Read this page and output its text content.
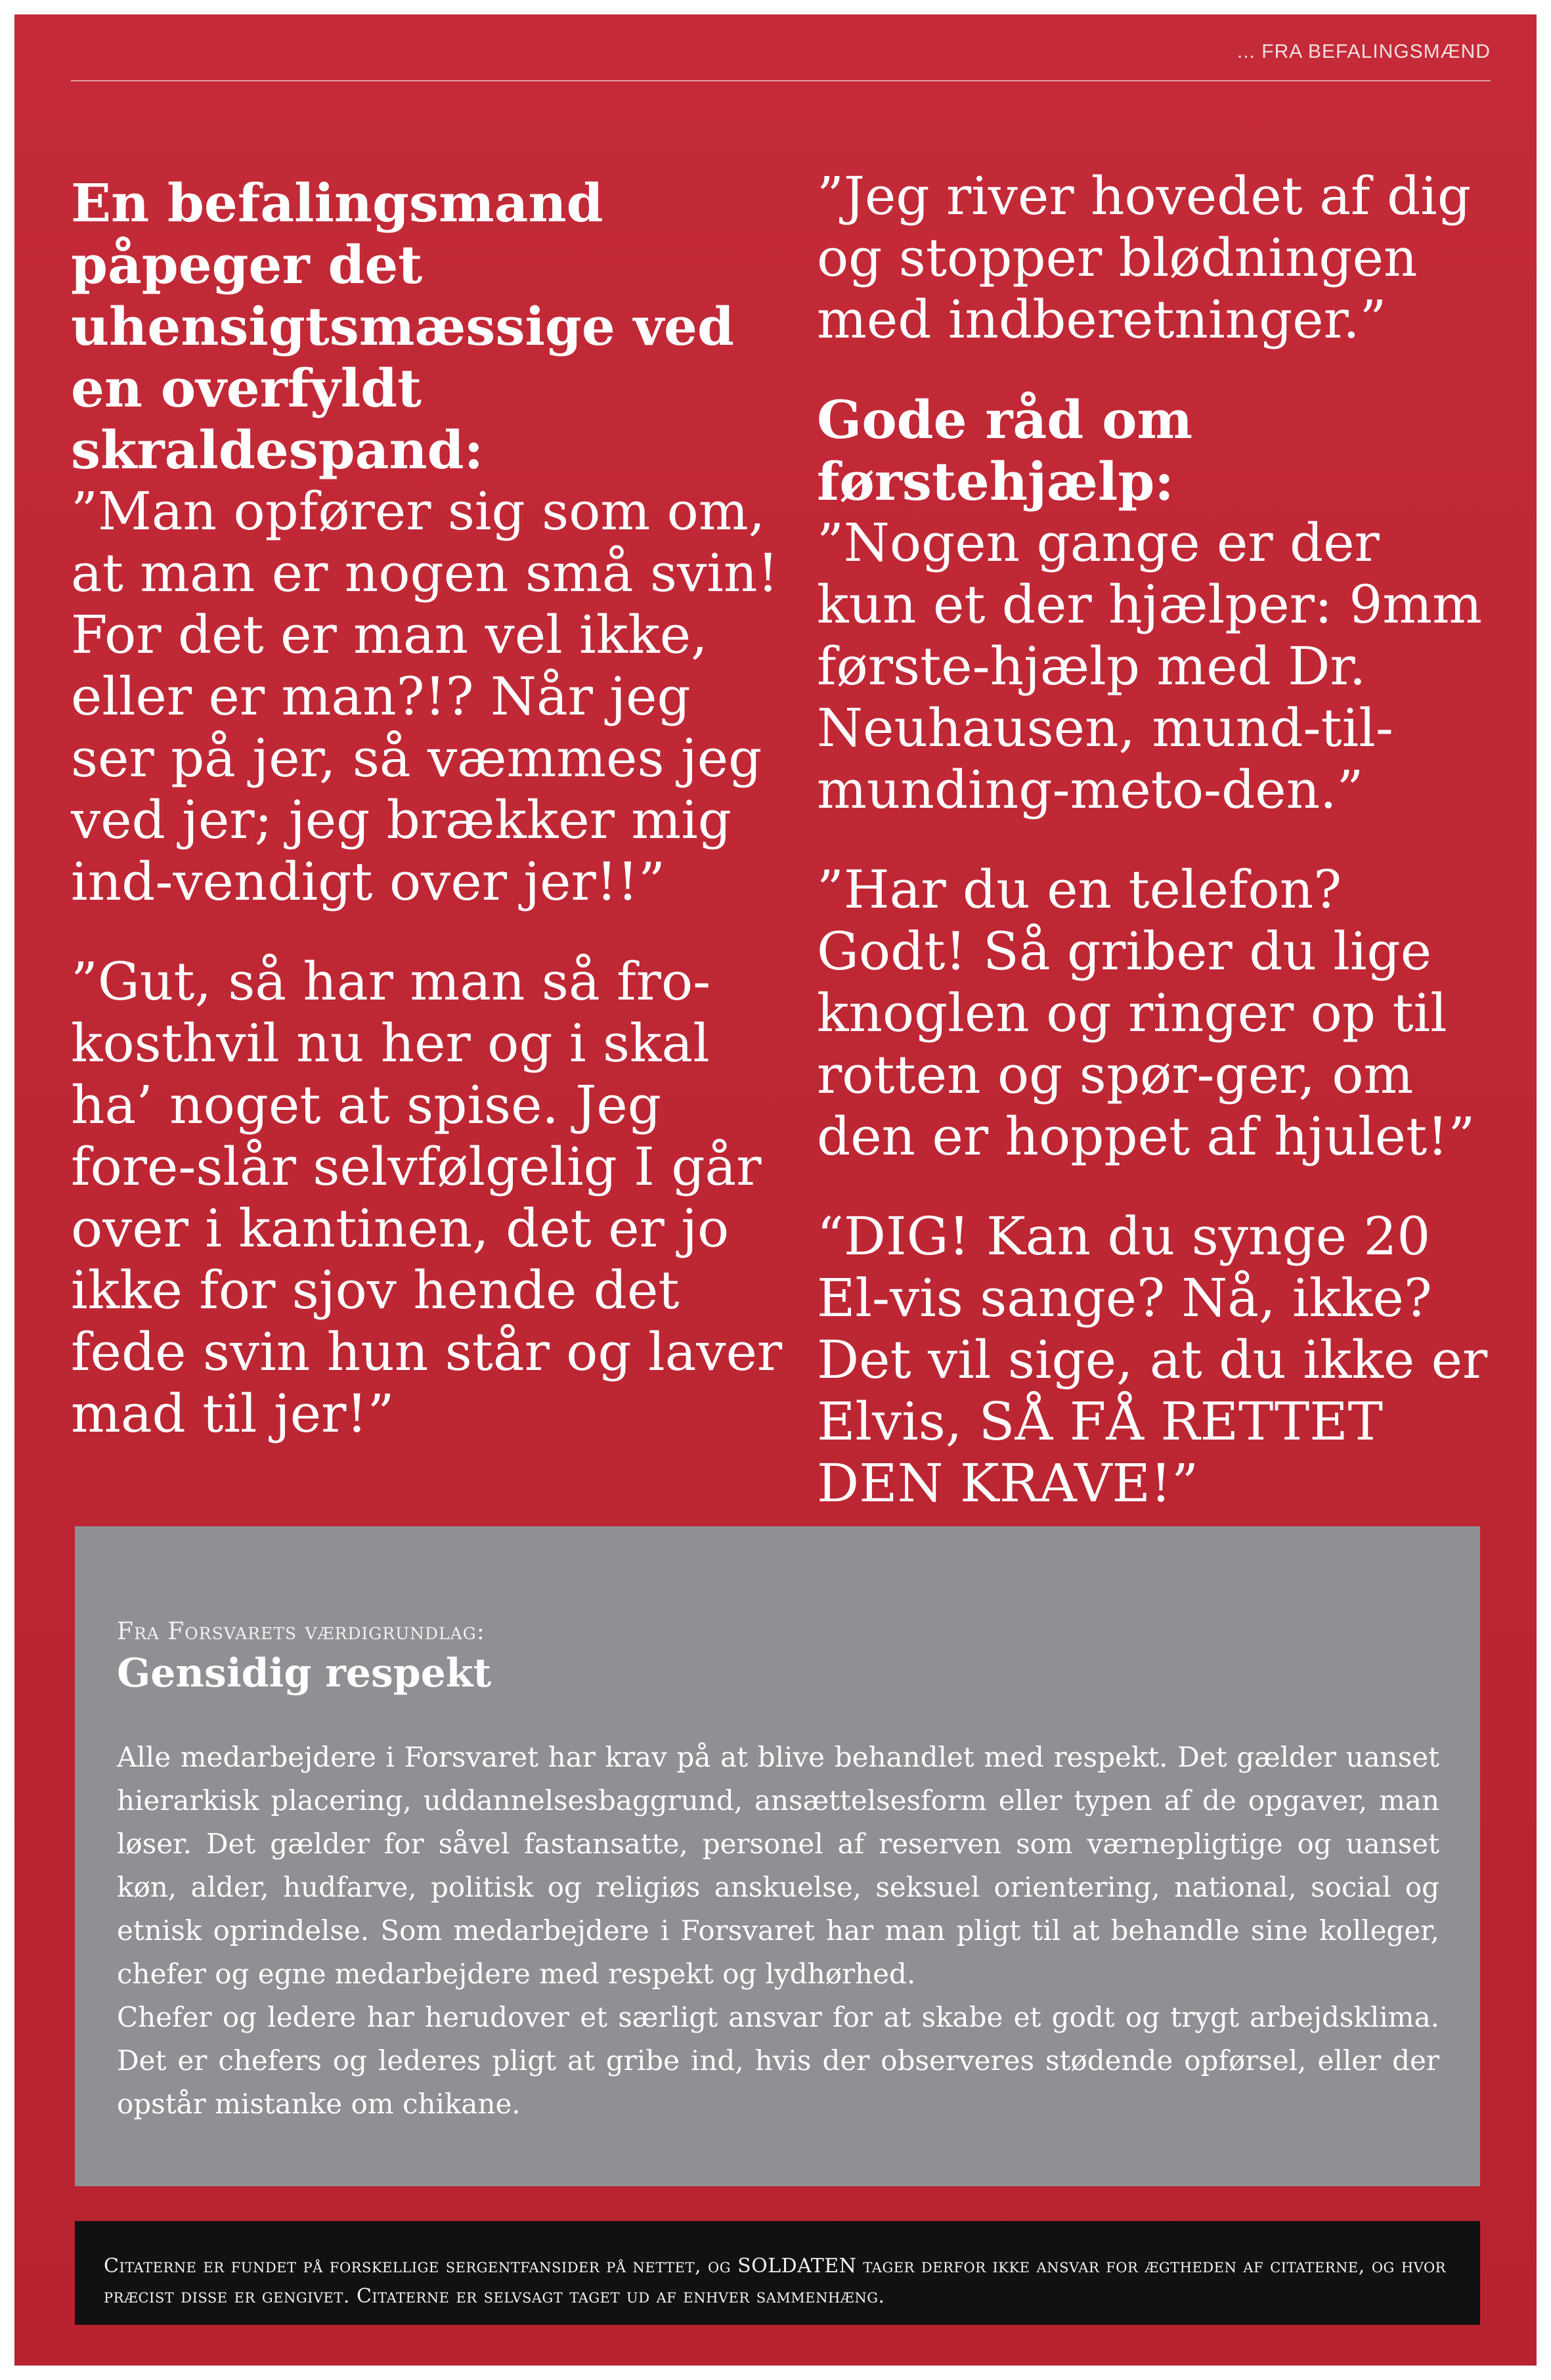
... FRA BEFALINGSMÆND
En befalingsmand påpeger det uhensigtsmæssige ved en overfyldt skraldespand:
”Man opfører sig som om, at man er nogen små svin! For det er man vel ikke, eller er man?!? Når jeg ser på jer, så væmmes jeg ved jer; jeg brækker mig ind-vendigt over jer!!”
”Gut, så har man så fro-kosthvil nu her og i skal ha’ noget at spise. Jeg fore-slår selvfølgelig I går over i kantinen, det er jo ikke for sjov hende det fede svin hun står og laver mad til jer!”
”Jeg river hovedet af dig og stopper blødningen med indberetninger.”
Gode råd om førstehjælp:
”Nogen gange er der kun et der hjælper: 9mm første-hjælp med Dr. Neuhausen, mund-til-munding-meto-den.”
”Har du en telefon? Godt! Så griber du lige knoglen og ringer op til rotten og spør-ger, om den er hoppet af hjulet!”
“DIG! Kan du synge 20 El-vis sange? Nå, ikke? Det vil sige, at du ikke er Elvis, SÅ FÅ RETTET DEN KRAVE!”
Fra Forsvarets værdigrundlag:
Gensidig respekt

Alle medarbejdere i Forsvaret har krav på at blive behandlet med respekt. Det gælder uanset hierarkisk placering, uddannelsesbaggrund, ansættelsesform eller typen af de opgaver, man løser. Det gælder for såvel fastansatte, personel af reserven som værnepligtige og uanset køn, alder, hudfarve, politisk og religiøs anskuelse, seksuel orientering, national, social og etnisk oprindelse. Som medarbejdere i Forsvaret har man pligt til at behandle sine kolleger, chefer og egne medarbejdere med respekt og lydhørhed.

Chefer og ledere har herudover et særligt ansvar for at skabe et godt og trygt arbejdsklima. Det er chefers og lederes pligt at gribe ind, hvis der observeres stødende opførsel, eller der opstår mistanke om chikane.

Citaterne er fundet på forskellige sergentfansider på nettet, og SOLDATEN tager derfor ikke ansvar for ægtheden af citaterne, og hvor præcist disse er gengivet. Citaterne er selvsagt taget ud af enhver sammenhæng.
